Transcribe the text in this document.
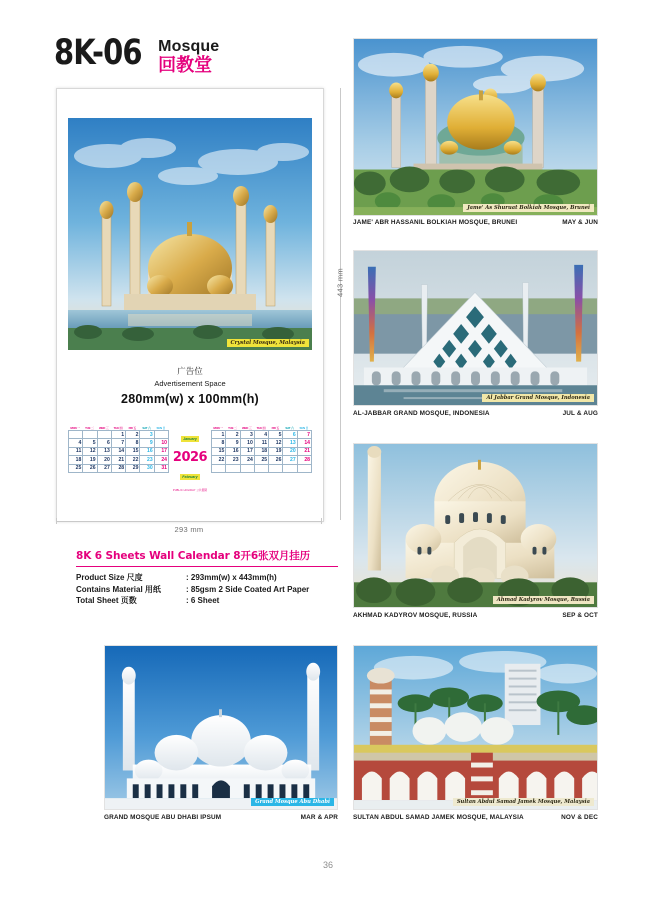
8K-06 Mosque
回教堂
Crystal Mosque, Malaysia
广告位
Advertisement Space
280mm(w) x 100mm(h)
MON 一	TUE 二	WED 三	THU 四	FRI 五	SAT 六	SUN 日
			1	2	3	
4	5	6	7	8	9	10
11	12	13	14	15	16	17
18	19	20	21	22	23	24
25	26	27	28	29	30	31
January
2026
February
MON 一	TUE 二	WED 三	THU 四	FRI 五	SAT 六	SUN 日
1	2	3	4	5	6	7
8	9	10	11	12	13	14
15	16	17	18	19	20	21
22	23	24	25	26	27	28

PUBLIC HOLIDAY 公共假期
443 mm
293 mm
8K 6 Sheets Wall Calendar 8开6张双月挂历
Product Size 尺度	: 293mm(w) x 443mm(h)
Contains Material 用纸	: 85gsm 2 Side Coated Art Paper
Total Sheet 页数	: 6 Sheet
Jame' As Shuruat Bolkiah Mosque, Brunei
JAME' ABR HASSANIL BOLKIAH MOSQUE, BRUNEI	MAY & JUN
Al Jabbar Grand Mosque, Indonesia
AL-JABBAR GRAND MOSQUE, INDONESIA	JUL & AUG
Ahmad Kadyrov Mosque, Russia
AKHMAD KADYROV MOSQUE, RUSSIA	SEP & OCT
Grand Mosque Abu Dhabi
GRAND MOSQUE ABU DHABI IPSUM	MAR & APR
Sultan Abdul Samad Jamek Mosque, Malaysia
SULTAN ABDUL SAMAD JAMEK MOSQUE, MALAYSIA	NOV & DEC
36
